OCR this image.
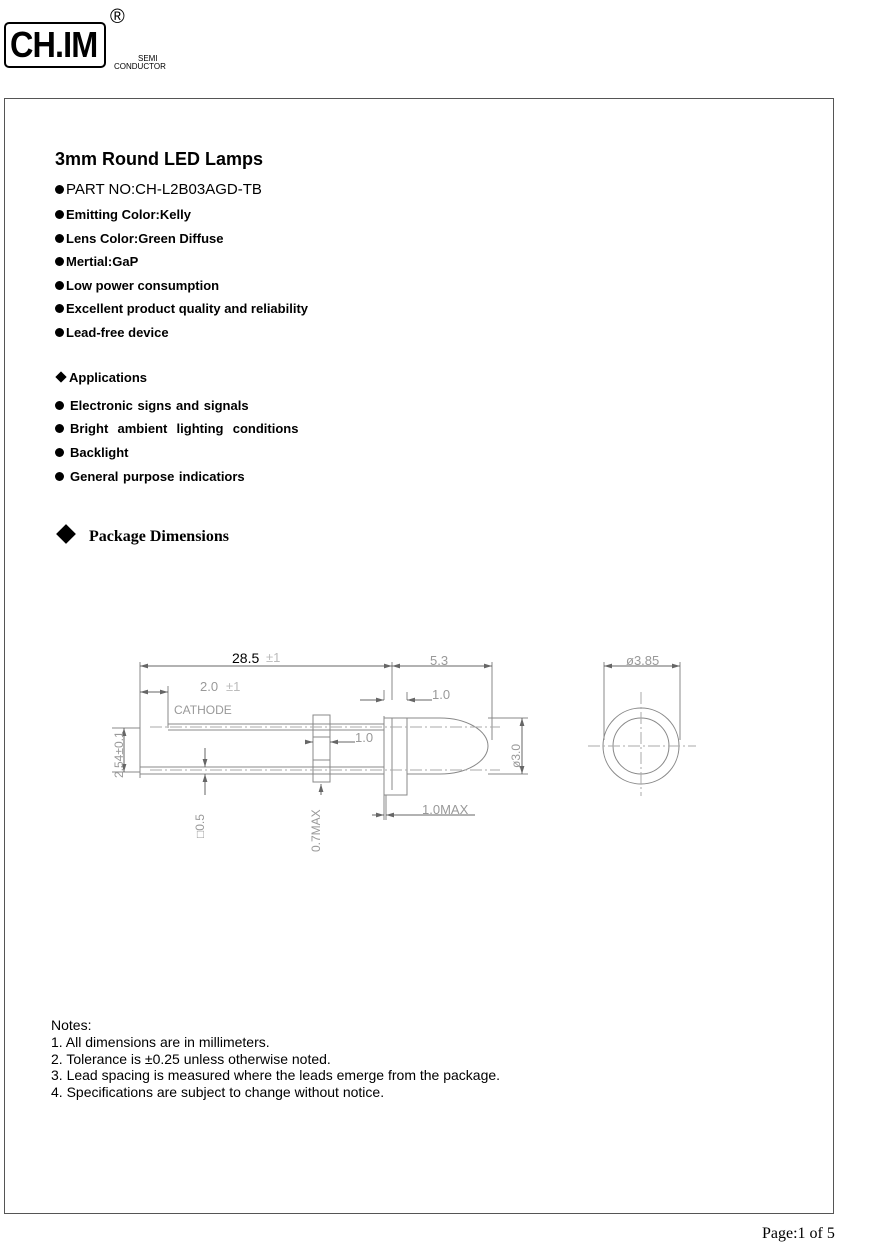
CH.IM
®
SEMI
CONDUCTOR
3mm Round LED Lamps
PART NO:CH-L2B03AGD-TB
Emitting Color:Kelly
Lens Color:Green Diffuse
Mertial:GaP
Low power consumption
Excellent product quality and reliability
Lead-free device
Applications
Electronic signs and signals
Bright  ambient  lighting  conditions
Backlight
General purpose indicatiors
Package Dimensions
28.5 ±1	5.3
2.0 ±1
1.0
CATHODE
1.0
2.54±0.1	ø3.0
□0.5	0.7MAX	1.0MAX
ø3.85
Notes:
1. All dimensions are in millimeters.
2. Tolerance is ±0.25 unless otherwise noted.
3. Lead spacing is measured where the leads emerge from the package.
4. Specifications are subject to change without notice.
Page:1 of 5
